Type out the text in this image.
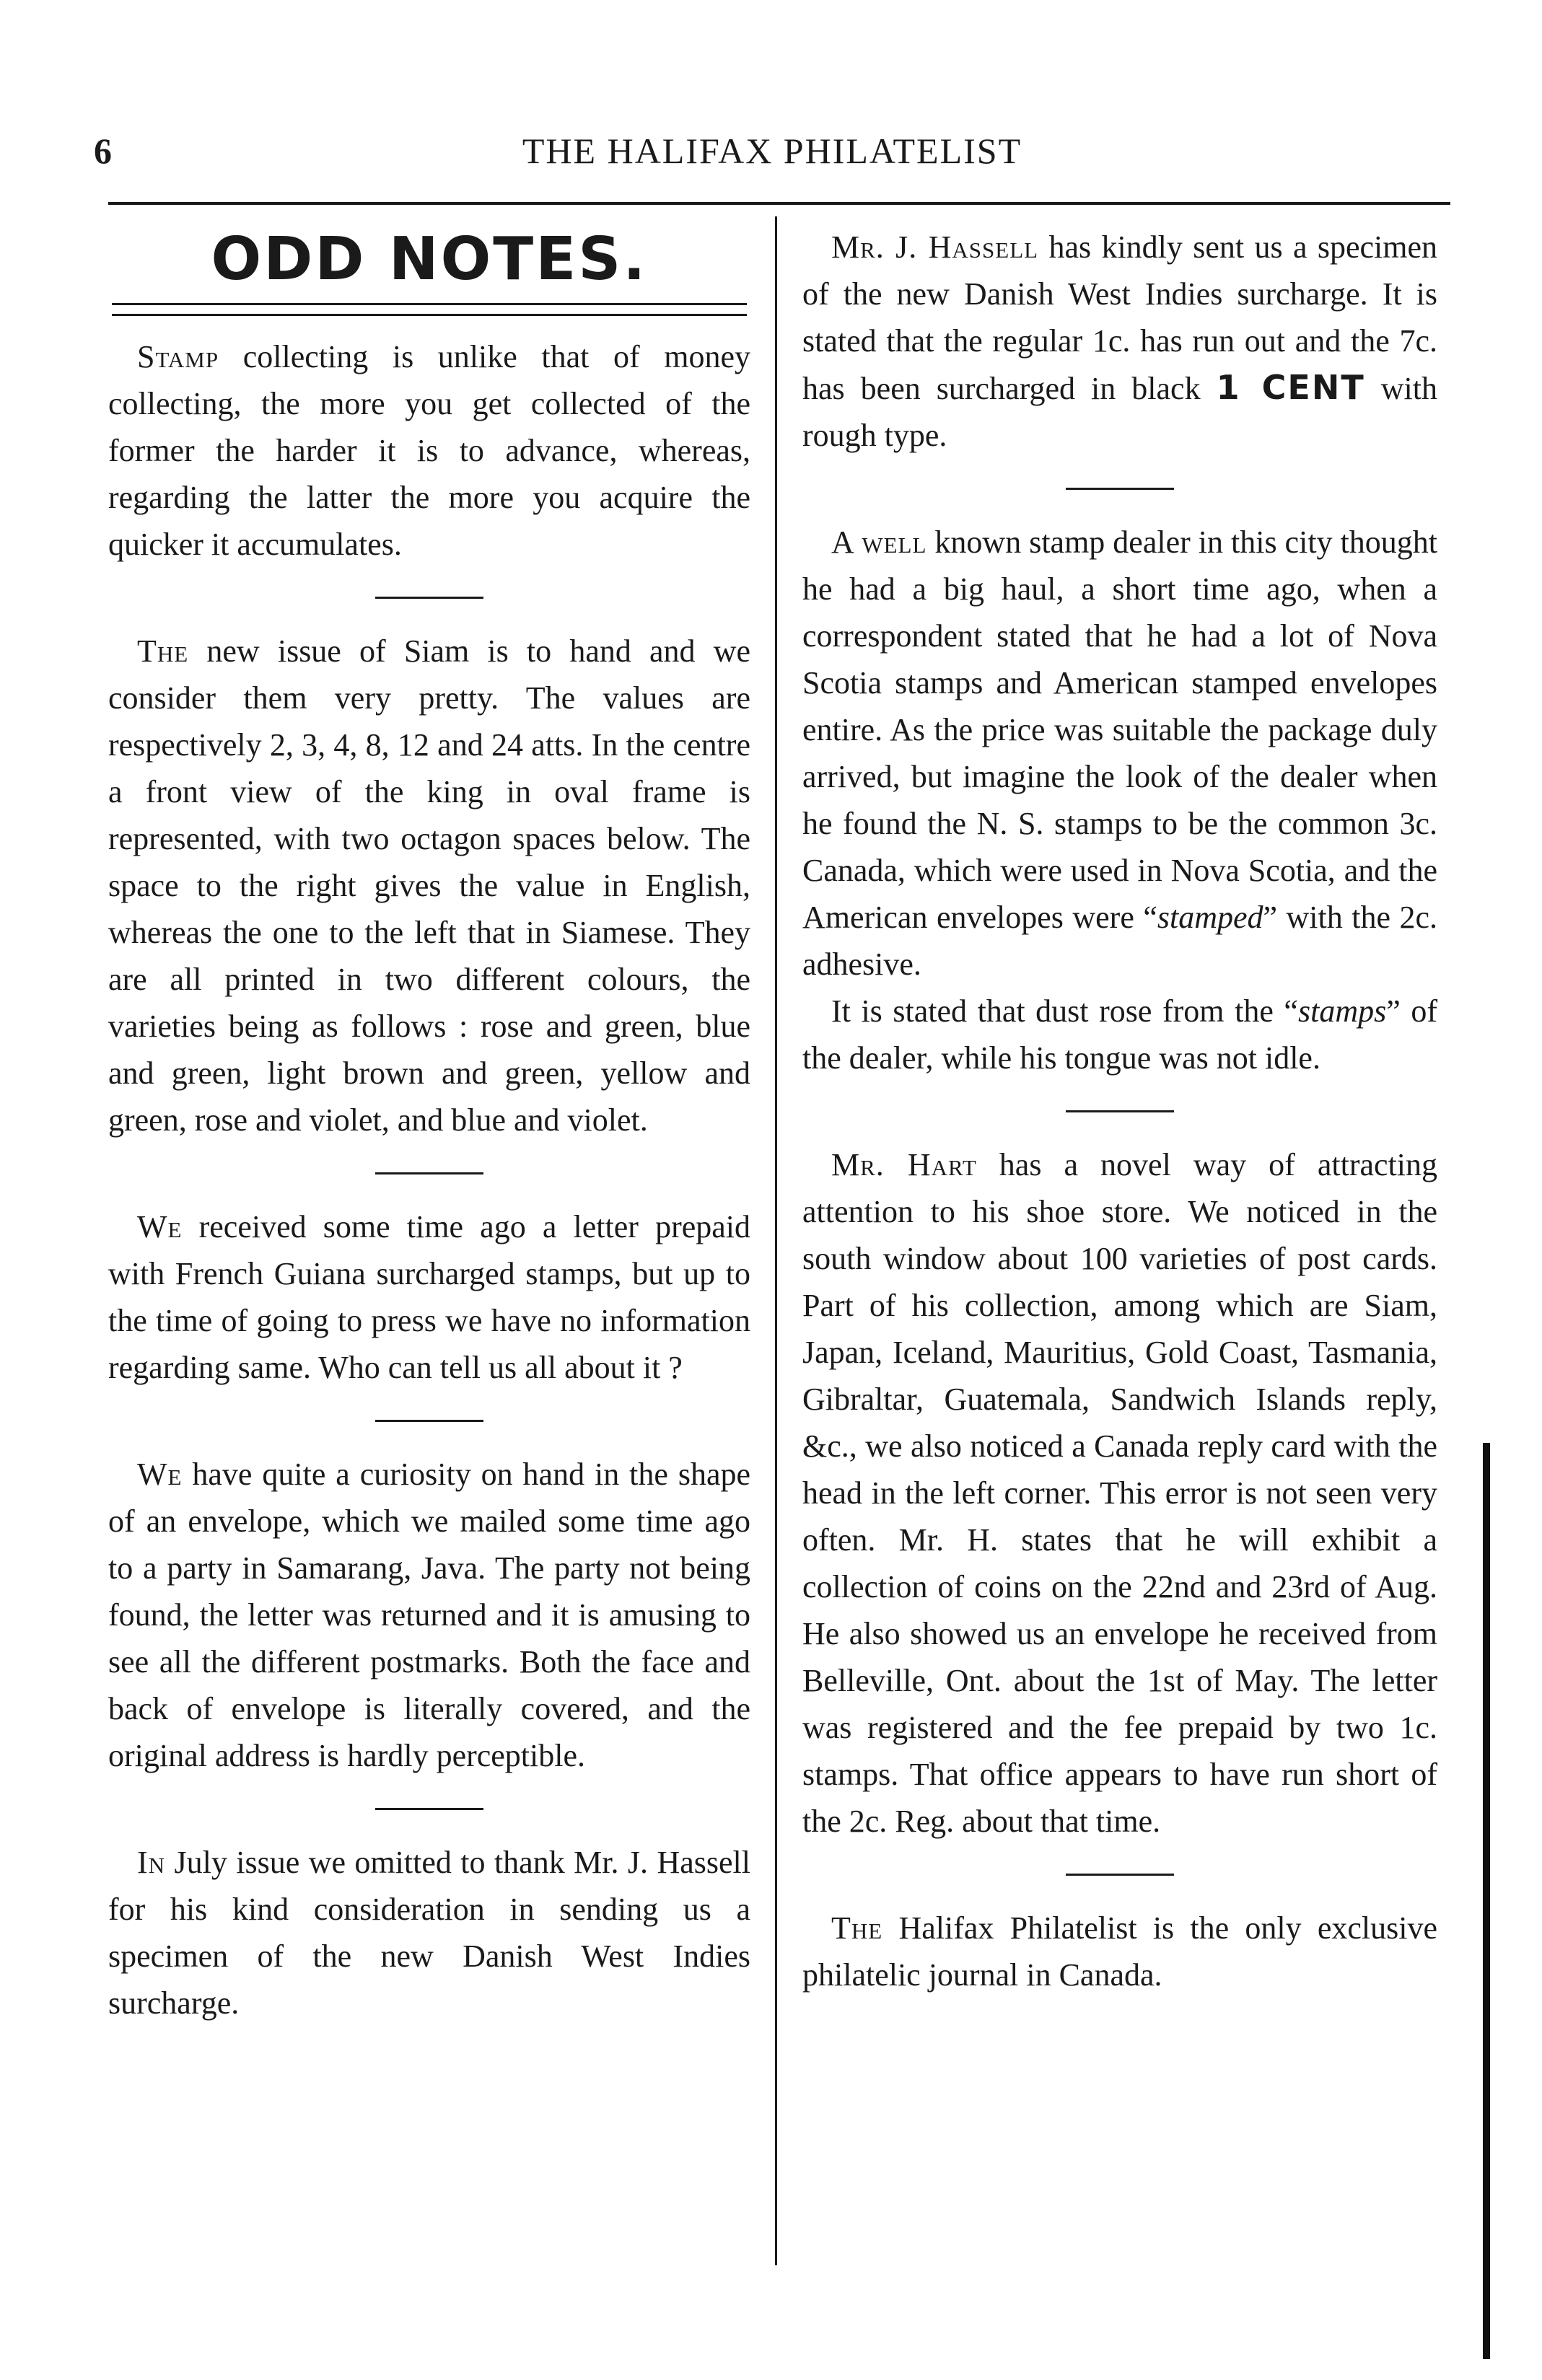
6	THE HALIFAX PHILATELIST
ODD NOTES.

Stamp collecting is unlike that of money collecting, the more you get collected of the former the harder it is to advance, whereas, regarding the latter the more you acquire the quicker it accumulates.

The new issue of Siam is to hand and we consider them very pretty. The values are respectively 2, 3, 4, 8, 12 and 24 atts. In the centre a front view of the king in oval frame is represented, with two octagon spaces below. The space to the right gives the value in English, whereas the one to the left that in Siamese. They are all printed in two different colours, the varieties being as follows : rose and green, blue and green, light brown and green, yellow and green, rose and violet, and blue and violet.

We received some time ago a letter prepaid with French Guiana surcharged stamps, but up to the time of going to press we have no information regarding same. Who can tell us all about it ?

We have quite a curiosity on hand in the shape of an envelope, which we mailed some time ago to a party in Samarang, Java. The party not being found, the letter was returned and it is amusing to see all the different postmarks. Both the face and back of envelope is literally covered, and the original address is hardly perceptible.

In July issue we omitted to thank Mr. J. Hassell for his kind consideration in sending us a specimen of the new Danish West Indies surcharge.

Mr. J. Hassell has kindly sent us a specimen of the new Danish West Indies surcharge. It is stated that the regular 1c. has run out and the 7c. has been surcharged in black 1 CENT with rough type.

A well known stamp dealer in this city thought he had a big haul, a short time ago, when a correspondent stated that he had a lot of Nova Scotia stamps and American stamped envelopes entire. As the price was suitable the package duly arrived, but imagine the look of the dealer when he found the N. S. stamps to be the common 3c. Canada, which were used in Nova Scotia, and the American envelopes were “stamped” with the 2c. adhesive.

It is stated that dust rose from the “stamps” of the dealer, while his tongue was not idle.

Mr. Hart has a novel way of attracting attention to his shoe store. We noticed in the south window about 100 varieties of post cards. Part of his collection, among which are Siam, Japan, Iceland, Mauritius, Gold Coast, Tasmania, Gibraltar, Guatemala, Sandwich Islands reply, &c., we also noticed a Canada reply card with the head in the left corner. This error is not seen very often. Mr. H. states that he will exhibit a collection of coins on the 22nd and 23rd of Aug. He also showed us an envelope he received from Belleville, Ont. about the 1st of May. The letter was registered and the fee prepaid by two 1c. stamps. That office appears to have run short of the 2c. Reg. about that time.

The Halifax Philatelist is the only exclusive philatelic journal in Canada.
